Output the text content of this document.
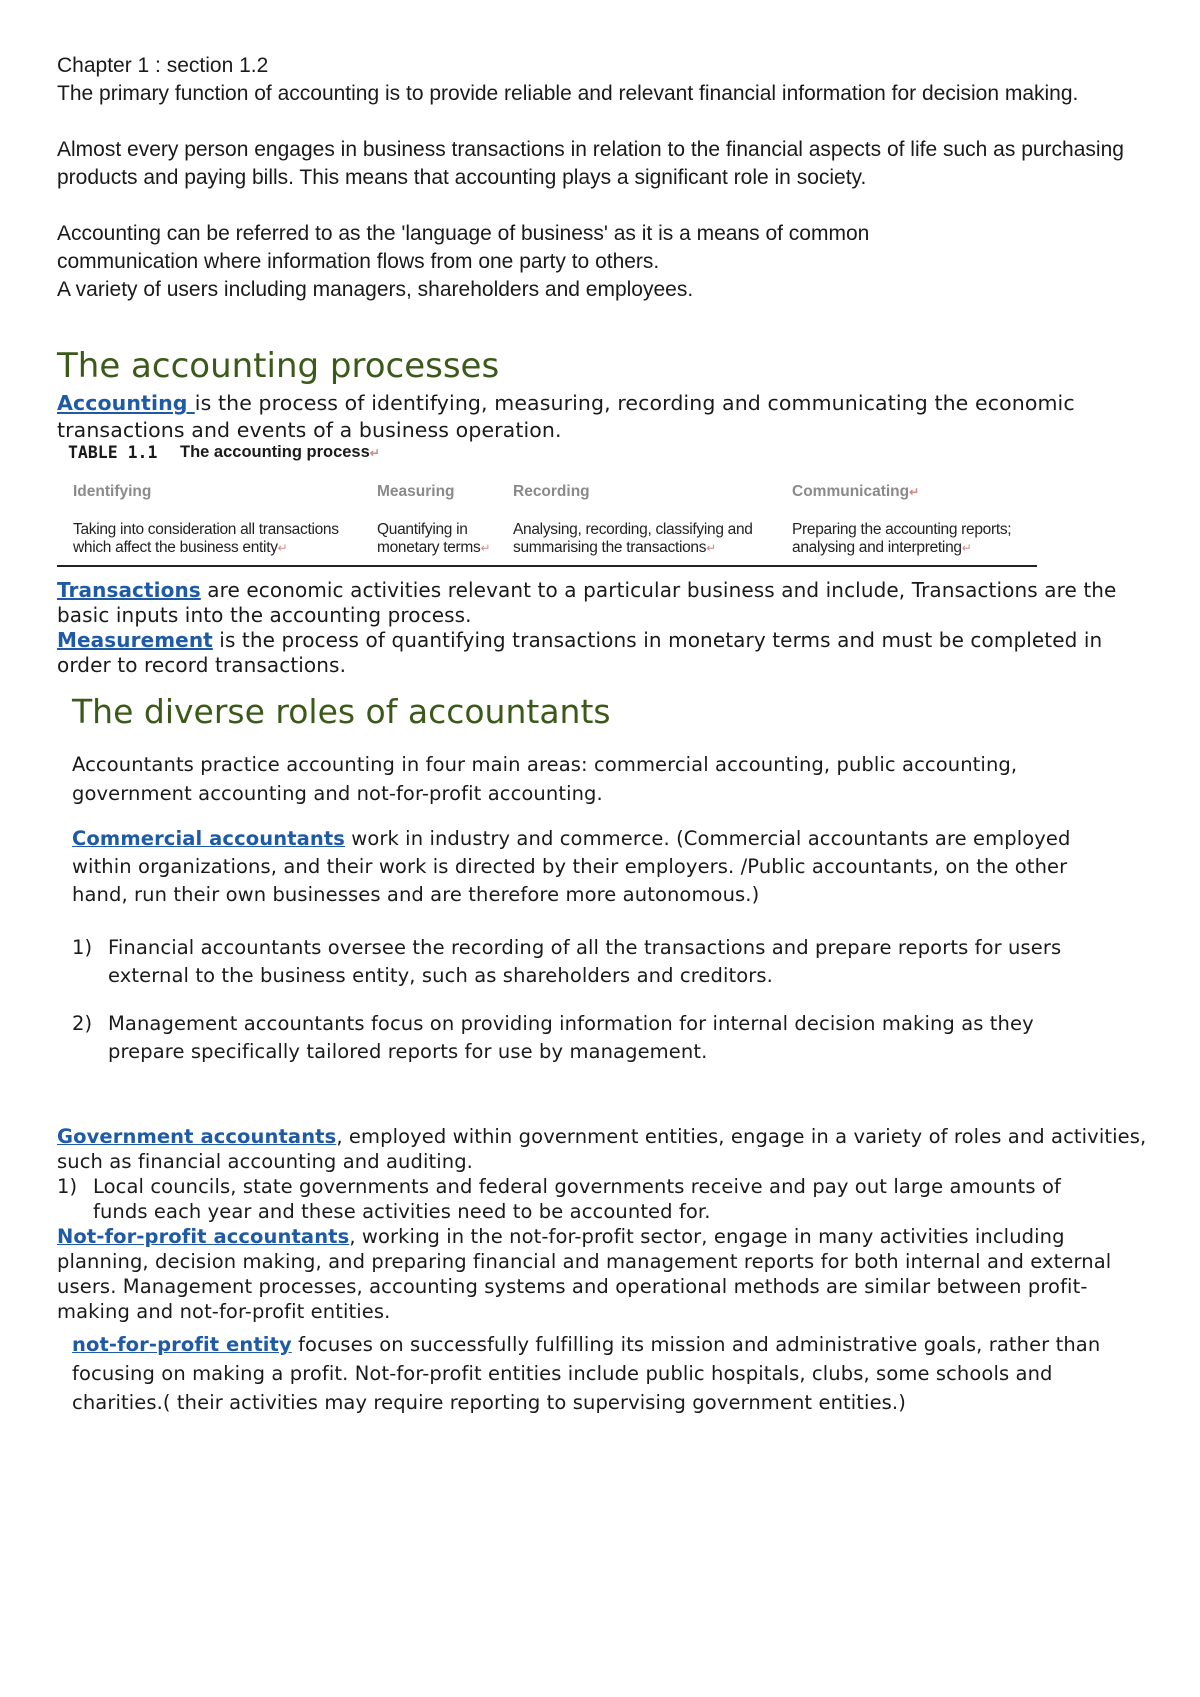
Chapter 1 : section 1.2

The primary function of accounting is to provide reliable and relevant financial information for decision making.

Almost every person engages in business transactions in relation to the financial aspects of life such as purchasing products and paying bills. This means that accounting plays a significant role in society.

Accounting can be referred to as the 'language of business' as it is a means of common communication where information flows from one party to others.

A variety of users including managers, shareholders and employees.

The accounting processes

Accounting is the process of identifying, measuring, recording and communicating the economic transactions and events of a business operation.

TABLE 1.1 The accounting process↵
Identifying
Taking into consideration all transactions
which affect the business entity↵
Measuring
Quantifying in
monetary terms↵
Recording
Analysing, recording, classifying and
summarising the transactions↵
Communicating↵
Preparing the accounting reports;
analysing and interpreting↵

Transactions are economic activities relevant to a particular business and include, Transactions are the basic inputs into the accounting process.

Measurement is the process of quantifying transactions in monetary terms and must be completed in order to record transactions.

The diverse roles of accountants

Accountants practice accounting in four main areas: commercial accounting, public accounting, government accounting and not-for-profit accounting.

Commercial accountants work in industry and commerce. (Commercial accountants are employed within organizations, and their work is directed by their employers. /Public accountants, on the other hand, run their own businesses and are therefore more autonomous.)

1) Financial accountants oversee the recording of all the transactions and prepare reports for users external to the business entity, such as shareholders and creditors.
2) Management accountants focus on providing information for internal decision making as they prepare specifically tailored reports for use by management.

Government accountants, employed within government entities, engage in a variety of roles and activities, such as financial accounting and auditing.

1) Local councils, state governments and federal governments receive and pay out large amounts of funds each year and these activities need to be accounted for.

Not-for-profit accountants, working in the not-for-profit sector, engage in many activities including planning, decision making, and preparing financial and management reports for both internal and external users. Management processes, accounting systems and operational methods are similar between profit-making and not-for-profit entities.

not-for-profit entity focuses on successfully fulfilling its mission and administrative goals, rather than focusing on making a profit. Not-for-profit entities include public hospitals, clubs, some schools and charities.( their activities may require reporting to supervising government entities.)
